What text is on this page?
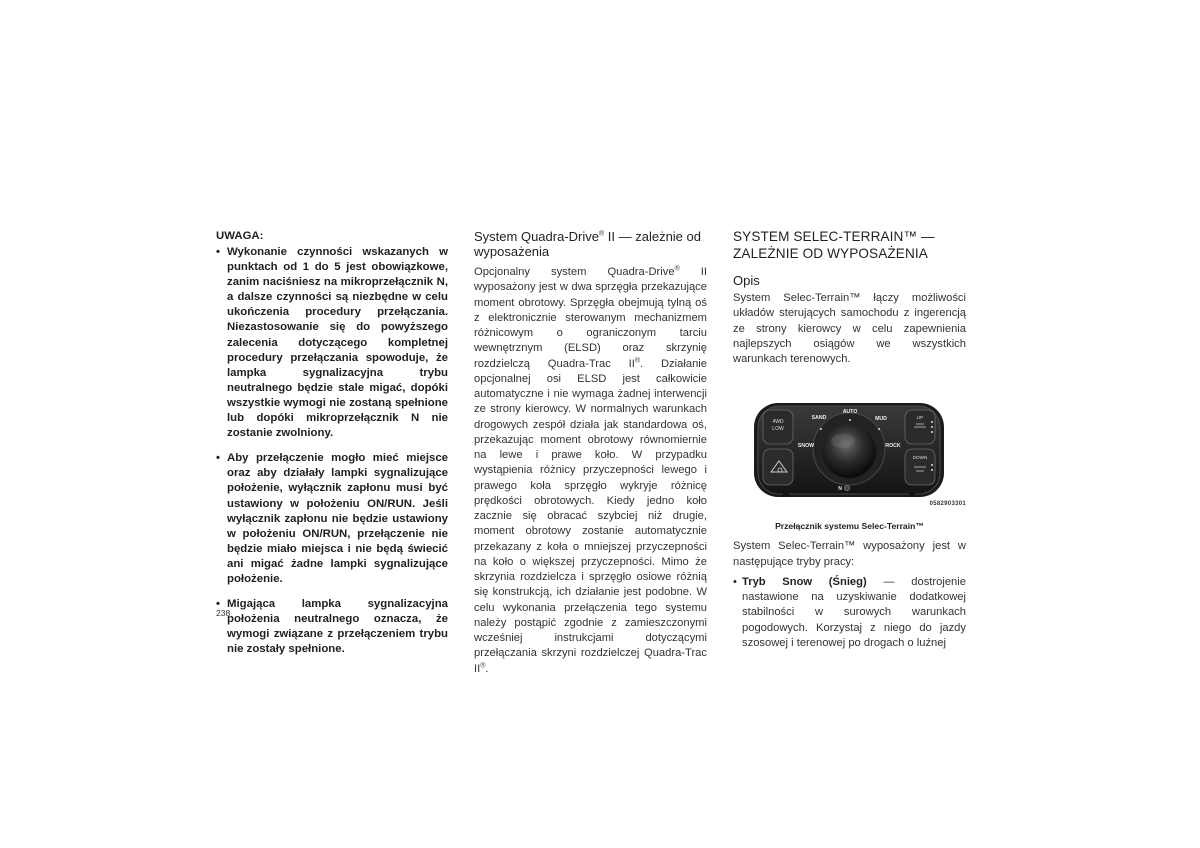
UWAGA:
• Wykonanie czynności wskazanych w punktach od 1 do 5 jest obowiązkowe, zanim naciśniesz na mikroprzełącznik N, a dalsze czynności są niezbędne w celu ukończenia procedury przełączania. Niezastosowanie się do powyższego zalecenia dotyczącego kompletnej procedury przełączania spowoduje, że lampka sygnalizacyjna trybu neutralnego będzie stale migać, dopóki wszystkie wymogi nie zostaną spełnione lub dopóki mikroprzełącznik N nie zostanie zwolniony.
• Aby przełączenie mogło mieć miejsce oraz aby działały lampki sygnalizujące położenie, wyłącznik zapłonu musi być ustawiony w położeniu ON/RUN. Jeśli wyłącznik zapłonu nie będzie ustawiony w położeniu ON/RUN, przełączenie nie będzie miało miejsca i nie będą świecić ani migać żadne lampki sygnalizujące położenie.
• Migająca lampka sygnalizacyjna położenia neutralnego oznacza, że wymogi związane z przełączeniem trybu nie zostały spełnione.
System Quadra-Drive® II — zależnie od wyposażenia

Opcjonalny system Quadra-Drive® II wyposażony jest w dwa sprzęgła przekazujące moment obrotowy. Sprzęgła obejmują tylną oś z elektronicznie sterowanym mechanizmem różnicowym o ograniczonym tarciu wewnętrznym (ELSD) oraz skrzynię rozdzielczą Quadra-Trac II®. Działanie opcjonalnej osi ELSD jest całkowicie automatyczne i nie wymaga żadnej interwencji ze strony kierowcy. W normalnych warunkach drogowych zespół działa jak standardowa oś, przekazując moment obrotowy równomiernie na lewe i prawe koło. W przypadku wystąpienia różnicy przyczepności lewego i prawego koła sprzęgło wykryje różnicę prędkości obrotowych. Kiedy jedno koło zacznie się obracać szybciej niż drugie, moment obrotowy zostanie automatycznie przekazany z koła o mniejszej przyczepności na koło o większej przyczepności. Mimo że skrzynia rozdzielcza i sprzęgło osiowe różnią się konstrukcją, ich działanie jest podobne. W celu wykonania przełączenia tego systemu należy postąpić zgodnie z zamieszczonymi wcześniej instrukcjami dotyczącymi przełączania skrzyni rozdzielczej Quadra-Trac II®.

SYSTEM SELEC-TERRAIN™ —
ZALEŻNIE OD WYPOSAŻENIA
Opis

System Selec-Terrain™ łączy możliwości układów sterujących samochodu z ingerencją ze strony kierowcy w celu zapewnienia najlepszych osiągów we wszystkich warunkach terenowych.

4WD
LOW
UP
DOWN
AUTO
SAND	MUD
SNOW	ROCK
N
0582903301
Przełącznik systemu Selec-Terrain™

System Selec-Terrain™ wyposażony jest w następujące tryby pracy:

• Tryb Snow (Śnieg) — dostrojenie nastawione na uzyskiwanie dodatkowej stabilności w surowych warunkach pogodowych. Korzystaj z niego do jazdy szosowej i terenowej po drogach o luźnej
238
